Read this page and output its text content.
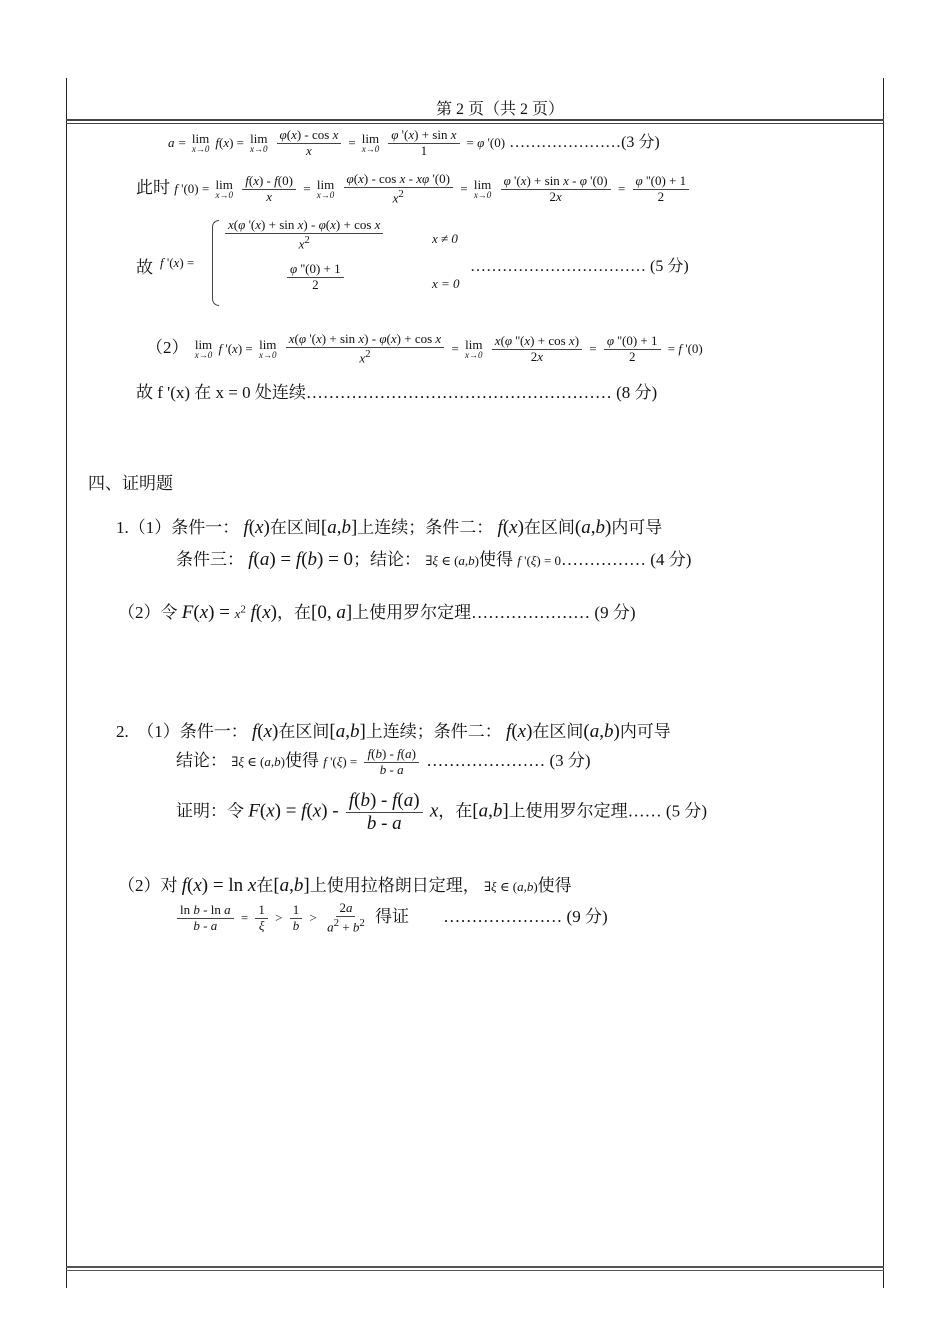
第 2 页（共 2 页）
a = lim
x→0 f(x) = lim
x→0
$\frac{\text{φ(x) - cos x}}{x} = \lim$
x→0
$\frac{\text{φ '(x) + sin x}}{1} = \varphi$ '(0) …………………(3 分)
此时 f '(0) = lim
x→0
$\frac{f(x) - f(0)}{x} = \lim$
x→0
$\frac{\text{φ(x) - cos x - xφ '(0)}}{x^2} = \lim$
x→0
$\frac{\text{φ '(x) + sin x - φ '(0)}}{2x} = \frac{\varphi ''(0) + 1}{2}$
故 f '(x) =
$\frac{\text{x(φ '(x) + sin x) - φ(x) + cos x}}{x^2}$	x ≠ 0
$\frac{\varphi ''(0) + 1}{2}$	x = 0
…………………………… (5 分)
（2） lim
x→0 f '(x) = lim
x→0
$\frac{\text{x(φ '(x) + sin x) - φ(x) + cos x}}{x^2} = \lim$
x→0
$\frac{\text{x(φ ''(x) + cos x)}}{2x} = \frac{\varphi ''(0) + 1}{2} = f$ '(0)
故 f '(x) 在 x = 0 处连续……………………………………………… (8 分)
四、证明题
1.（1）条件一： f(x)在区间[a,b]上连续；条件二： f(x)在区间(a,b)内可导
条件三： f(a) = f(b) = 0；结论： ∃ξ ∈ (a,b)使得 f '(ξ) = 0…………… (4 分)
（2）令 $F(x) = x^2$ f(x)，在[0, a]上使用罗尔定理………………… (9 分)
2.　（1）条件一： f(x)在区间[a,b]上连续；条件二： f(x)在区间(a,b)内可导
结论： ∃ξ ∈ (a,b)使得 f '$(\xi) = \frac{f(b) - f(a)}{b - a}$ ………………… (3 分)
证明：令 $F(x) = f(x) - \frac{f(b) - f(a)}{b - a}$ x，在[a,b]上使用罗尔定理…… (5 分)
（2）对 f(x) = ln x在[a,b]上使用拉格朗日定理， ∃ξ ∈ (a,b)使得
$\frac{\text{ln b - ln a}}{b - a} = \frac{1}{\xi} > \frac{1}{b} > \frac{2a}{a^2 + b^2}$ 得证 ………………… (9 分)
